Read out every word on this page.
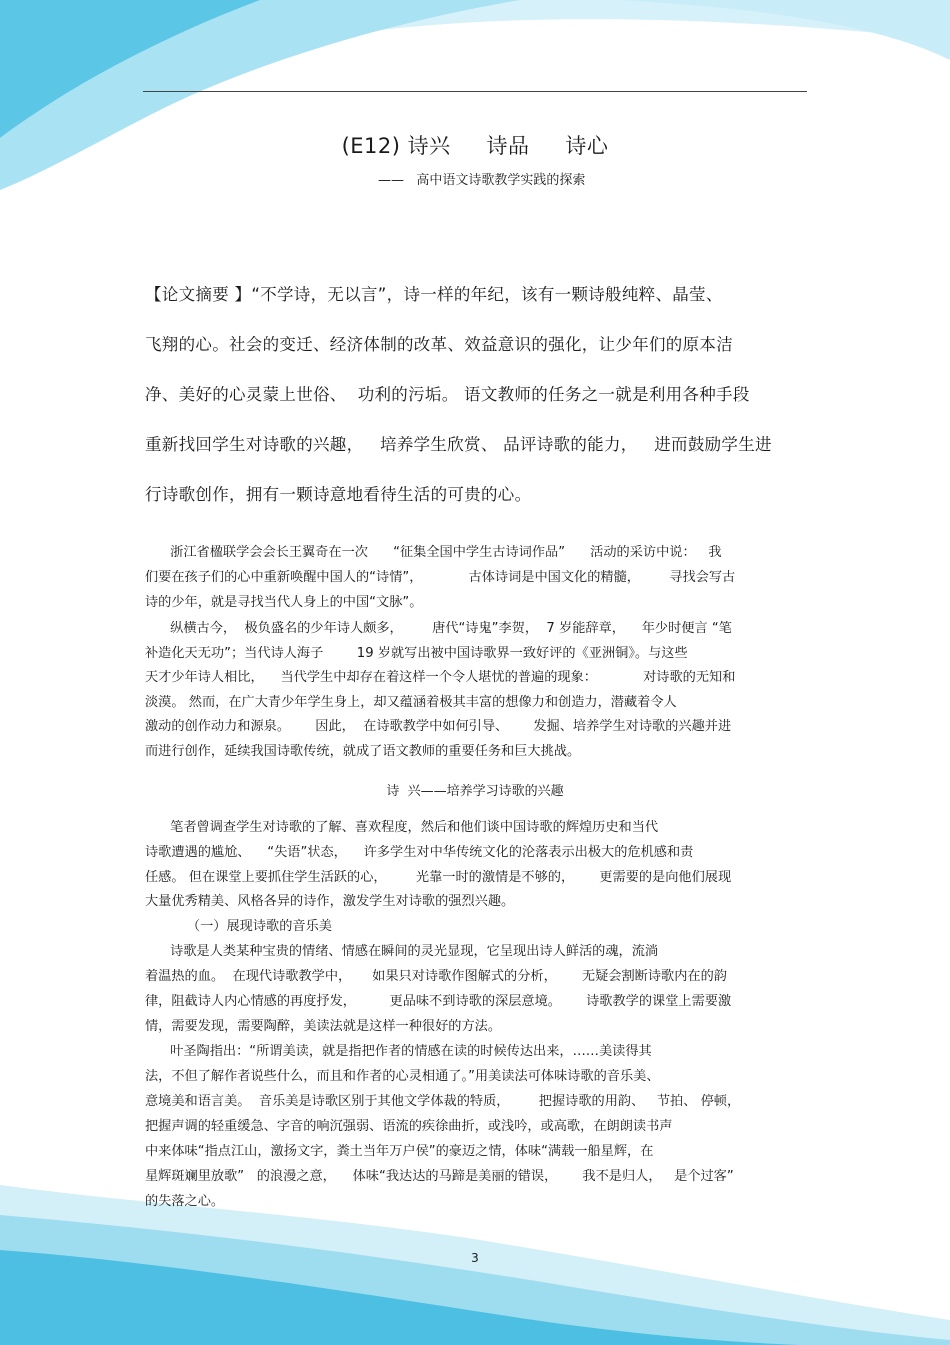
(E12) 诗兴     诗品     诗心
——   高中语文诗歌教学实践的探索
【论文摘要 】“不学诗，无以言”，诗一样的年纪，该有一颗诗般纯粹、晶莹、
飞翔的心。社会的变迁、经济体制的改革、效益意识的强化，让少年们的原本洁
净、美好的心灵蒙上世俗、  功利的污垢。 语文教师的任务之一就是利用各种手段
重新找回学生对诗歌的兴趣，   培养学生欣赏、 品评诗歌的能力，   进而鼓励学生进
行诗歌创作，拥有一颗诗意地看待生活的可贵的心。
浙江省楹联学会会长王翼奇在一次      “征集全国中学生古诗词作品”      活动的采访中说：   我
们要在孩子们的心中重新唤醒中国人的“诗情”，           古体诗词是中国文化的精髓，       寻找会写古
诗的少年，就是寻找当代人身上的中国“文脉”。
纵横古今，  极负盛名的少年诗人颇多，       唐代“诗鬼”李贺，  7 岁能辞章，    年少时便言 “笔
补造化天无功”；当代诗人海子        19 岁就写出被中国诗歌界一致好评的《亚洲铜》。与这些
天才少年诗人相比，    当代学生中却存在着这样一个令人堪忧的普遍的现象：           对诗歌的无知和
淡漠。 然而，在广大青少年学生身上，却又蕴涵着极其丰富的想像力和创造力，潜藏着令人
激动的创作动力和源泉。      因此，  在诗歌教学中如何引导、      发掘、培养学生对诗歌的兴趣并进
而进行创作，延续我国诗歌传统，就成了语文教师的重要任务和巨大挑战。
诗  兴——培养学习诗歌的兴趣
笔者曾调查学生对诗歌的了解、喜欢程度，然后和他们谈中国诗歌的辉煌历史和当代
诗歌遭遇的尴尬、    “失语”状态，    许多学生对中华传统文化的沦落表示出极大的危机感和责
任感。 但在课堂上要抓住学生活跃的心，       光靠一时的激情是不够的，      更需要的是向他们展现
大量优秀精美、风格各异的诗作，激发学生对诗歌的强烈兴趣。
（一）展现诗歌的音乐美
诗歌是人类某种宝贵的情绪、情感在瞬间的灵光显现，它呈现出诗人鲜活的魂，流淌
着温热的血。  在现代诗歌教学中，     如果只对诗歌作图解式的分析，      无疑会割断诗歌内在的韵
律，阻截诗人内心情感的再度抒发，        更品味不到诗歌的深层意境。      诗歌教学的课堂上需要激
情，需要发现，需要陶醉，美读法就是这样一种很好的方法。
叶圣陶指出：“所谓美读，就是指把作者的情感在读的时候传达出来，……美读得其
法，不但了解作者说些什么，而且和作者的心灵相通了。”用美读法可体味诗歌的音乐美、
意境美和语言美。  音乐美是诗歌区别于其他文学体裁的特质，       把握诗歌的用韵、   节拍、 停顿，
把握声调的轻重缓急、字音的响沉强弱、语流的疾徐曲折，或浅吟，或高歌，在朗朗读书声
中来体味“指点江山，激扬文字，粪土当年万户侯”的豪迈之情，体味“满载一船星辉，在
星辉斑斓里放歌”   的浪漫之意，    体味“我达达的马蹄是美丽的错误，      我不是归人，   是个过客”
的失落之心。
3
